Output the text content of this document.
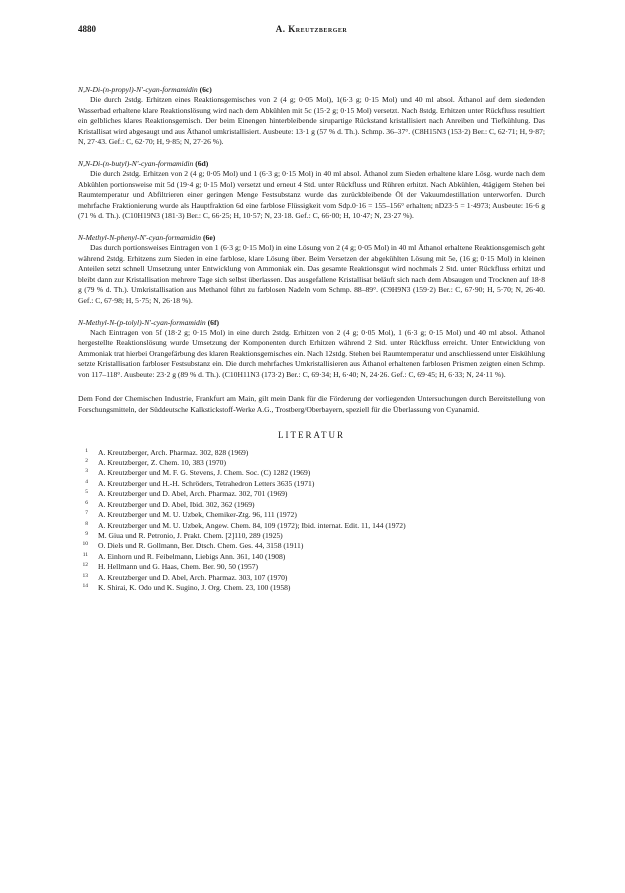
4880	A. Kreutzberger
N,N-Di-(n-propyl)-N'-cyan-formamidin (6c)

Die durch 2stdg. Erhitzen eines Reaktionsgemisches von 2 (4 g; 0·05 Mol), 1(6·3 g; 0·15 Mol) und 40 ml absol. Äthanol auf dem siedenden Wasserbad erhaltene klare Reaktionslösung wird nach dem Abkühlen mit 5c (15·2 g; 0·15 Mol) versetzt. Nach 8stdg. Erhitzen unter Rückfluss resultiert ein gelbliches klares Reaktionsgemisch. Der beim Einengen hinterbleibende sirupartige Rückstand kristallisiert nach Anreiben und Tiefkühlung. Das Kristallisat wird abgesaugt und aus Äthanol umkristallisiert. Ausbeute: 13·1 g (57 % d. Th.). Schmp. 36–37°. (C8H15N3 (153·2) Ber.: C, 62·71; H, 9·87; N, 27·43. Gef.: C, 62·70; H, 9·85; N, 27·26 %).

N,N-Di-(n-butyl)-N'-cyan-formamidin (6d)

Die durch 2stdg. Erhitzen von 2 (4 g; 0·05 Mol) und 1 (6·3 g; 0·15 Mol) in 40 ml absol. Äthanol zum Sieden erhaltene klare Lösg. wurde nach dem Abkühlen portionsweise mit 5d (19·4 g; 0·15 Mol) versetzt und erneut 4 Std. unter Rückfluss und Rühren erhitzt. Nach Abkühlen, 4tägigem Stehen bei Raumtemperatur und Abfiltrieren einer geringen Menge Festsubstanz wurde das zurückbleibende Öl der Vakuumdestillation unterworfen. Durch mehrfache Fraktionierung wurde als Hauptfraktion 6d eine farblose Flüssigkeit vom Sdp.0·16 = 155–156° erhalten; nD23·5 = 1·4973; Ausbeute: 16·6 g (71 % d. Th.). (C10H19N3 (181·3) Ber.: C, 66·25; H, 10·57; N, 23·18. Gef.: C, 66·00; H, 10·47; N, 23·27 %).

N-Methyl-N-phenyl-N'-cyan-formamidin (6e)

Das durch portionsweises Eintragen von 1 (6·3 g; 0·15 Mol) in eine Lösung von 2 (4 g; 0·05 Mol) in 40 ml Äthanol erhaltene Reaktionsgemisch geht während 2stdg. Erhitzens zum Sieden in eine farblose, klare Lösung über. Beim Versetzen der abgekühlten Lösung mit 5e, (16 g; 0·15 Mol) in kleinen Anteilen setzt schnell Umsetzung unter Entwicklung von Ammoniak ein. Das gesamte Reaktionsgut wird nochmals 2 Std. unter Rückfluss erhitzt und bleibt dann zur Kristallisation mehrere Tage sich selbst überlassen. Das ausgefallene Kristallisat beläuft sich nach dem Absaugen und Trocknen auf 18·8 g (79 % d. Th.). Umkristallisation aus Methanol führt zu farblosen Nadeln vom Schmp. 88–89°. (C9H9N3 (159·2) Ber.: C, 67·90; H, 5·70; N, 26·40. Gef.: C, 67·98; H, 5·75; N, 26·18 %).

N-Methyl-N-(p-tolyl)-N'-cyan-formamidin (6f)

Nach Eintragen von 5f (18·2 g; 0·15 Mol) in eine durch 2stdg. Erhitzen von 2 (4 g; 0·05 Mol), 1 (6·3 g; 0·15 Mol) und 40 ml absol. Äthanol hergestellte Reaktionslösung wurde Umsetzung der Komponenten durch Erhitzen während 2 Std. unter Rückfluss erreicht. Unter Entwicklung von Ammoniak trat hierbei Orangefärbung des klaren Reaktionsgemisches ein. Nach 12stdg. Stehen bei Raumtemperatur und anschliessend unter Eiskühlung setzte Kristallisation farbloser Festsubstanz ein. Die durch mehrfaches Umkristallisieren aus Äthanol erhaltenen farblosen Prismen zeigten einen Schmp. von 117–118°. Ausbeute: 23·2 g (89 % d. Th.). (C10H11N3 (173·2) Ber.: C, 69·34; H, 6·40; N, 24·26. Gef.: C, 69·45; H, 6·33; N, 24·11 %).

Dem Fond der Chemischen Industrie, Frankfurt am Main, gilt mein Dank für die Förderung der vorliegenden Untersuchungen durch Bereitstellung von Forschungsmitteln, der Süddeutsche Kalkstickstoff-Werke A.G., Trostberg/Oberbayern, speziell für die Überlassung von Cyanamid.

LITERATUR
1 A. Kreutzberger, Arch. Pharmaz. 302, 828 (1969)
2 A. Kreutzberger, Z. Chem. 10, 383 (1970)
3 A. Kreutzberger und M. F. G. Stevens, J. Chem. Soc. (C) 1282 (1969)
4 A. Kreutzberger und H.-H. Schröders, Tetrahedron Letters 3635 (1971)
5 A. Kreutzberger und D. Abel, Arch. Pharmaz. 302, 701 (1969)
6 A. Kreutzberger und D. Abel, Ibid. 302, 362 (1969)
7 A. Kreutzberger und M. U. Uzbek, Chemiker-Ztg. 96, 111 (1972)
8 A. Kreutzberger und M. U. Uzbek, Angew. Chem. 84, 109 (1972); Ibid. internat. Edit. 11, 144 (1972)
9 M. Giua und R. Petronio, J. Prakt. Chem. [2]110, 289 (1925)
10 O. Diels und R. Gollmann, Ber. Dtsch. Chem. Ges. 44, 3158 (1911)
11 A. Einhorn und R. Feibelmann, Liebigs Ann. 361, 140 (1908)
12 H. Hellmann und G. Haas, Chem. Ber. 90, 50 (1957)
13 A. Kreutzberger und D. Abel, Arch. Pharmaz. 303, 107 (1970)
14 K. Shirai, K. Odo und K. Sugino, J. Org. Chem. 23, 100 (1958)
